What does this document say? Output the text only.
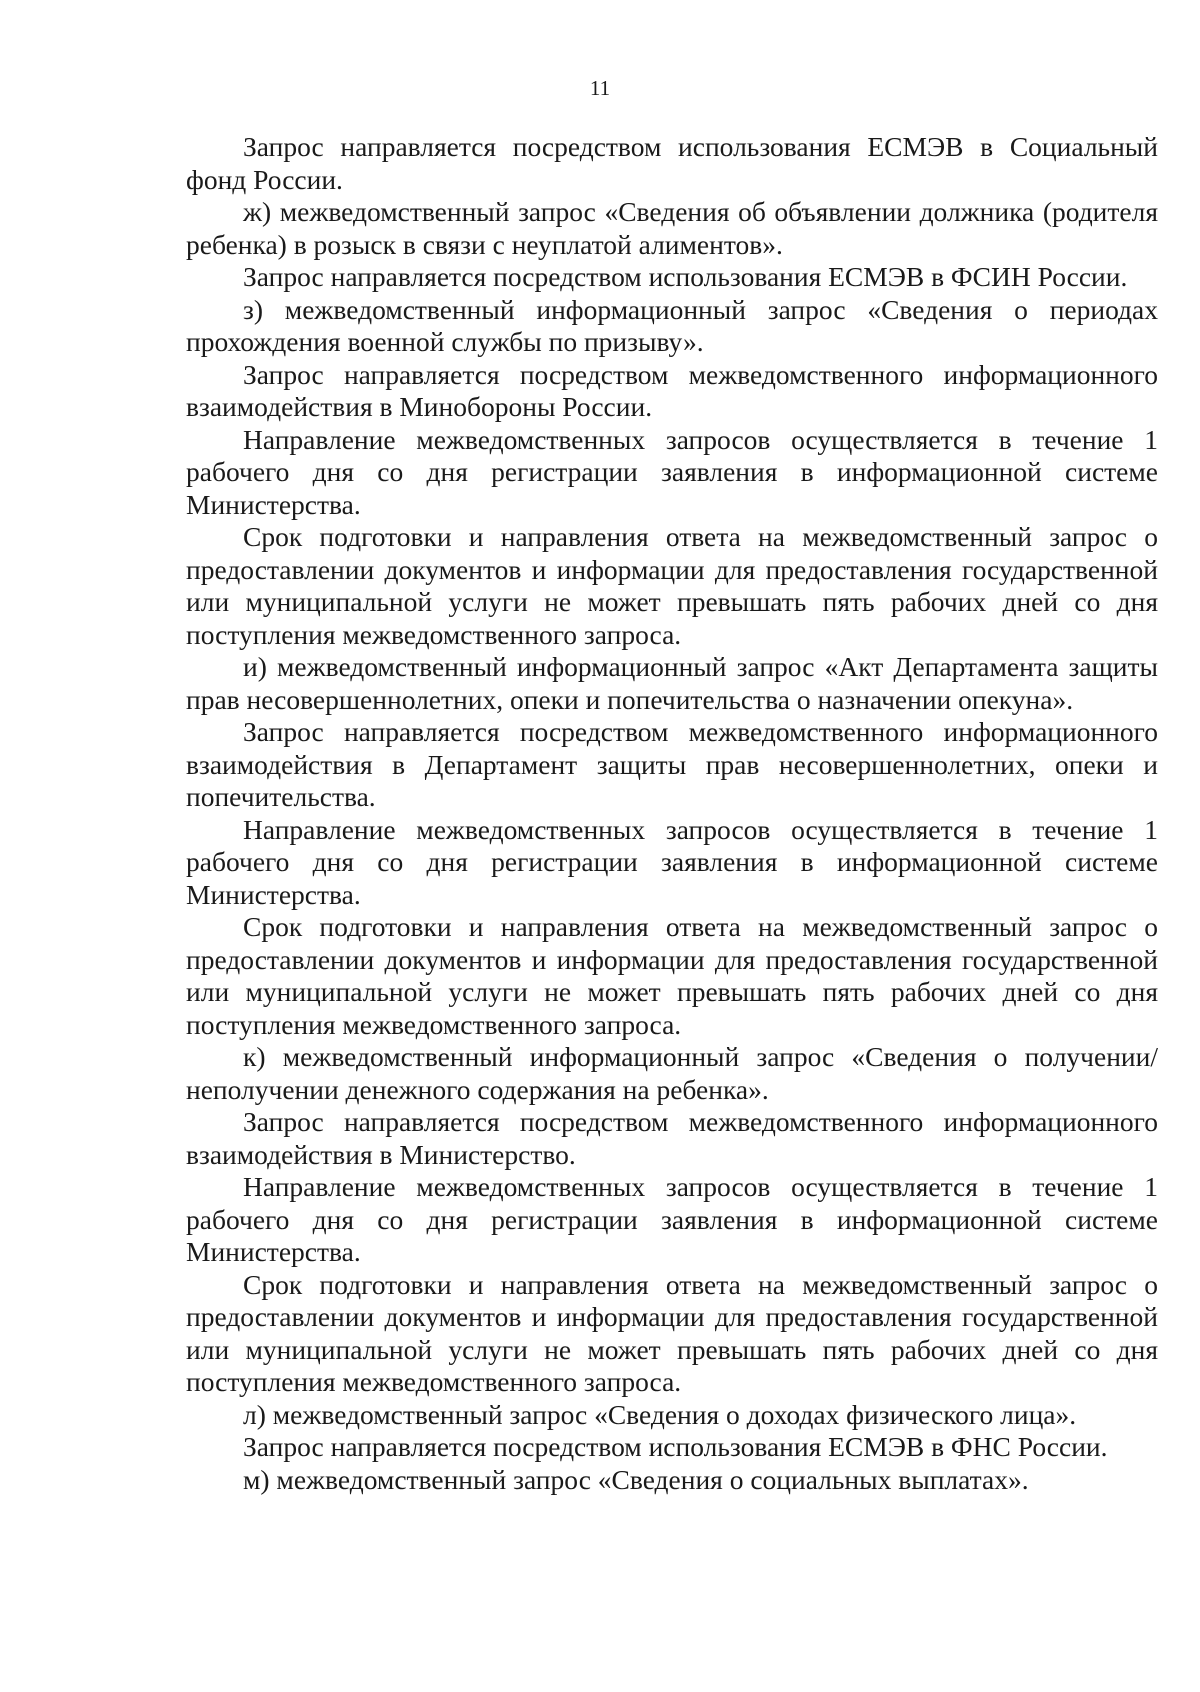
11

Запрос направляется посредством использования ЕСМЭВ в Социальный фонд России.

ж) межведомственный запрос «Сведения об объявлении должника (родителя ребенка) в розыск в связи с неуплатой алиментов».

Запрос направляется посредством использования ЕСМЭВ в ФСИН России.

з) межведомственный информационный запрос «Сведения о периодах прохождения военной службы по призыву».

Запрос направляется посредством межведомственного информационного взаимодействия в Минобороны России.

Направление межведомственных запросов осуществляется в течение 1 рабочего дня со дня регистрации заявления в информационной системе Министерства.

Срок подготовки и направления ответа на межведомственный запрос о предоставлении документов и информации для предоставления государственной или муниципальной услуги не может превышать пять рабочих дней со дня поступления межведомственного запроса.

и) межведомственный информационный запрос «Акт Департамента защиты прав несовершеннолетних, опеки и попечительства о назначении опекуна».

Запрос направляется посредством межведомственного информационного взаимодействия в Департамент защиты прав несовершеннолетних, опеки и попечительства.

Направление межведомственных запросов осуществляется в течение 1 рабочего дня со дня регистрации заявления в информационной системе Министерства.

Срок подготовки и направления ответа на межведомственный запрос о предоставлении документов и информации для предоставления государственной или муниципальной услуги не может превышать пять рабочих дней со дня поступления межведомственного запроса.

к) межведомственный информационный запрос «Сведения о получении/неполучении денежного содержания на ребенка».

Запрос направляется посредством межведомственного информационного взаимодействия в Министерство.

Направление межведомственных запросов осуществляется в течение 1 рабочего дня со дня регистрации заявления в информационной системе Министерства.

Срок подготовки и направления ответа на межведомственный запрос о предоставлении документов и информации для предоставления государственной или муниципальной услуги не может превышать пять рабочих дней со дня поступления межведомственного запроса.

л) межведомственный запрос «Сведения о доходах физического лица».

Запрос направляется посредством использования ЕСМЭВ в ФНС России.

м) межведомственный запрос «Сведения о социальных выплатах».
